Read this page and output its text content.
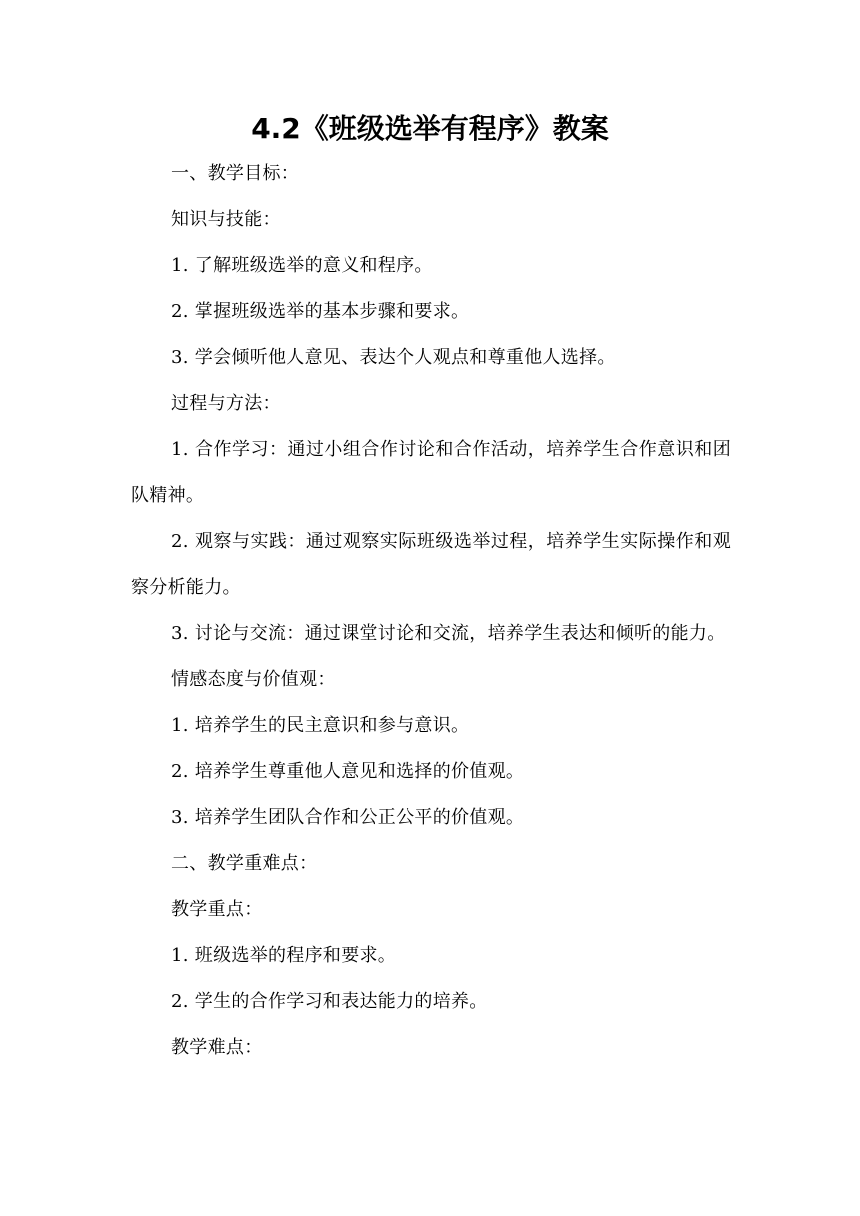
4.2《班级选举有程序》教案

一、教学目标：

知识与技能：

1. 了解班级选举的意义和程序。

2. 掌握班级选举的基本步骤和要求。

3. 学会倾听他人意见、表达个人观点和尊重他人选择。

过程与方法：

1. 合作学习：通过小组合作讨论和合作活动，培养学生合作意识和团队精神。

2. 观察与实践：通过观察实际班级选举过程，培养学生实际操作和观察分析能力。

3. 讨论与交流：通过课堂讨论和交流，培养学生表达和倾听的能力。

情感态度与价值观：

1. 培养学生的民主意识和参与意识。

2. 培养学生尊重他人意见和选择的价值观。

3. 培养学生团队合作和公正公平的价值观。

二、教学重难点：

教学重点：

1. 班级选举的程序和要求。

2. 学生的合作学习和表达能力的培养。

教学难点：
